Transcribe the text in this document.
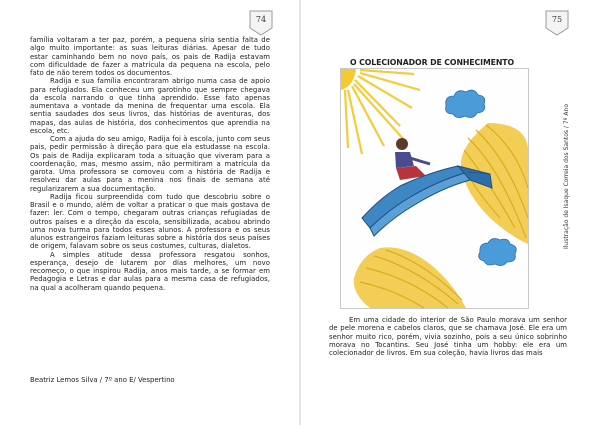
74

família voltaram a ter paz, porém, a pequena síria sentia falta de algo muito importante: as suas leituras diárias. Apesar de tudo estar caminhando bem no novo país, os pais de Radija estavam com dificuldade de fazer a matrícula da pequena na escola, pelo fato de não terem todos os documentos.

Radija e sua família encontraram abrigo numa casa de apoio para refugiados. Ela conheceu um garotinho que sempre chegava da escola narrando o que tinha aprendido. Esse fato apenas aumentava a vontade da menina de frequentar uma escola. Ela sentia saudades dos seus livros, das histórias de aventuras, dos mapas, das aulas de história, dos conhecimentos que aprendia na escola, etc.

Com a ajuda do seu amigo, Radija foi à escola, junto com seus pais, pedir permissão à direção para que ela estudasse na escola. Os pais de Radija explicaram toda a situação que viveram para a coordenação, mas, mesmo assim, não permitiram a matrícula da garota. Uma professora se comoveu com a história de Radija e resolveu dar aulas para a menina nos finais de semana até regularizarem a sua documentação.

Radija ficou surpreendida com tudo que descobriu sobre o Brasil e o mundo, além de voltar a praticar o que mais gostava de fazer: ler. Com o tempo, chegaram outras crianças refugiadas de outros países e a direção da escola, sensibilizada, acabou abrindo uma nova turma para todos esses alunos. A professora e os seus alunos estrangeiros faziam leituras sobre a história dos seus países de origem, falavam sobre os seus costumes, culturas, dialetos.

A simples atitude dessa professora resgatou sonhos, esperança, desejo de lutarem por dias melhores, um novo recomeço, o que inspirou Radija, anos mais tarde, a se formar em Pedagogia e Letras e dar aulas para a mesma casa de refugiados, na qual a acolheram quando pequena.

Beatriz Lemos Silva / 7º ano E/ Vespertino
75
O COLECIONADOR DE CONHECIMENTO
Ilustração de Isaque Correia dos Santos / 7º Ano

Em uma cidade do interior de São Paulo morava um senhor de pele morena e cabelos claros, que se chamava José. Ele era um senhor muito rico, porém, vivia sozinho, pois a seu único sobrinho morava no Tocantins. Seu José tinha um hobby: ele era um colecionador de livros. Em sua coleção, havia livros das mais
